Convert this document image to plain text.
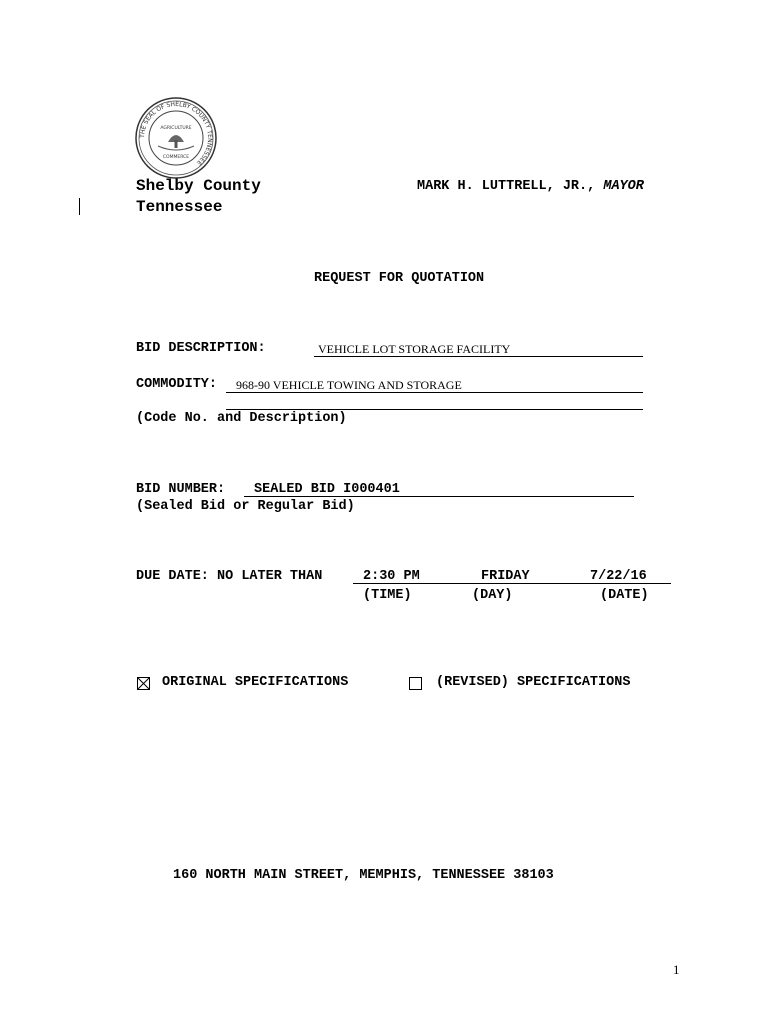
THE SEAL OF SHELBY COUNTY TENNESSEE
AGRICULTURE
COMMERCE
Shelby County
Tennessee
MARK H. LUTTRELL, JR., MAYOR
REQUEST FOR QUOTATION
BID DESCRIPTION:	VEHICLE LOT STORAGE FACILITY
COMMODITY: 968-90 VEHICLE TOWING AND STORAGE
(Code No. and Description)
BID NUMBER: SEALED BID I000401
(Sealed Bid or Regular Bid)
DUE DATE: NO LATER THAN	2:30 PM	FRIDAY	7/22/16
(TIME)	(DAY)	(DATE)
ORIGINAL SPECIFICATIONS	(REVISED) SPECIFICATIONS
160 NORTH MAIN STREET, MEMPHIS, TENNESSEE 38103
1
